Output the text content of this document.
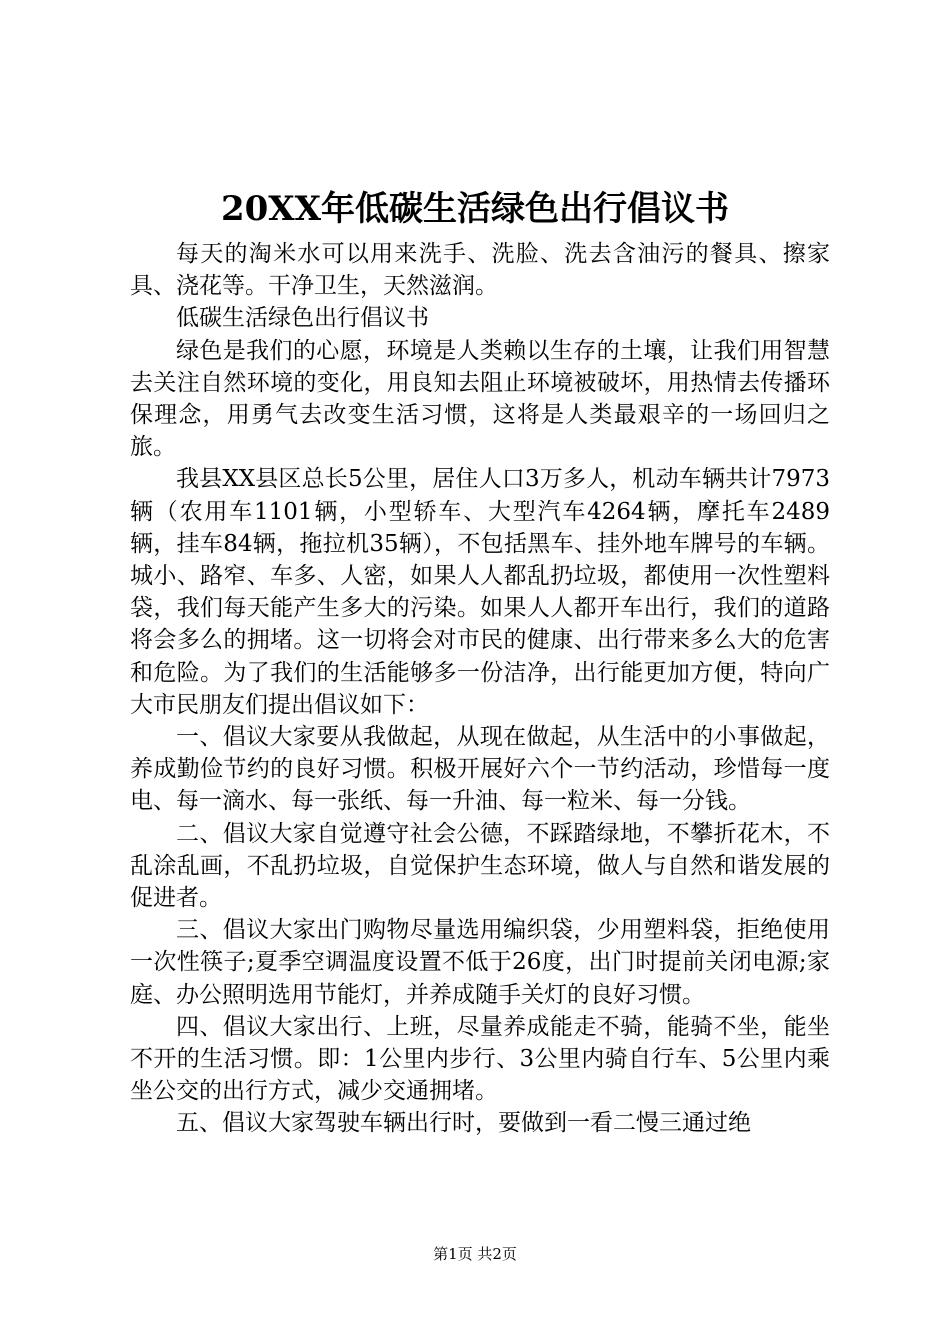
20XX年低碳生活绿色出行倡议书

每天的淘米水可以用来洗手、洗脸、洗去含油污的餐具、擦家具、浇花等。干净卫生，天然滋润。

低碳生活绿色出行倡议书

绿色是我们的心愿，环境是人类赖以生存的土壤，让我们用智慧去关注自然环境的变化，用良知去阻止环境被破坏，用热情去传播环保理念，用勇气去改变生活习惯，这将是人类最艰辛的一场回归之旅。

我县XX县区总长5公里，居住人口3万多人，机动车辆共计7973辆（农用车1101辆，小型轿车、大型汽车4264辆，摩托车2489辆，挂车84辆，拖拉机35辆），不包括黑车、挂外地车牌号的车辆。城小、路窄、车多、人密，如果人人都乱扔垃圾，都使用一次性塑料袋，我们每天能产生多大的污染。如果人人都开车出行，我们的道路将会多么的拥堵。这一切将会对市民的健康、出行带来多么大的危害和危险。为了我们的生活能够多一份洁净，出行能更加方便，特向广大市民朋友们提出倡议如下：

一、倡议大家要从我做起，从现在做起，从生活中的小事做起，养成勤俭节约的良好习惯。积极开展好六个一节约活动，珍惜每一度电、每一滴水、每一张纸、每一升油、每一粒米、每一分钱。

二、倡议大家自觉遵守社会公德，不踩踏绿地，不攀折花木，不乱涂乱画，不乱扔垃圾，自觉保护生态环境，做人与自然和谐发展的促进者。

三、倡议大家出门购物尽量选用编织袋，少用塑料袋，拒绝使用一次性筷子;夏季空调温度设置不低于26度，出门时提前关闭电源;家庭、办公照明选用节能灯，并养成随手关灯的良好习惯。

四、倡议大家出行、上班，尽量养成能走不骑，能骑不坐，能坐不开的生活习惯。即：1公里内步行、3公里内骑自行车、5公里内乘坐公交的出行方式，减少交通拥堵。

五、倡议大家驾驶车辆出行时，要做到一看二慢三通过绝

第1页 共2页
